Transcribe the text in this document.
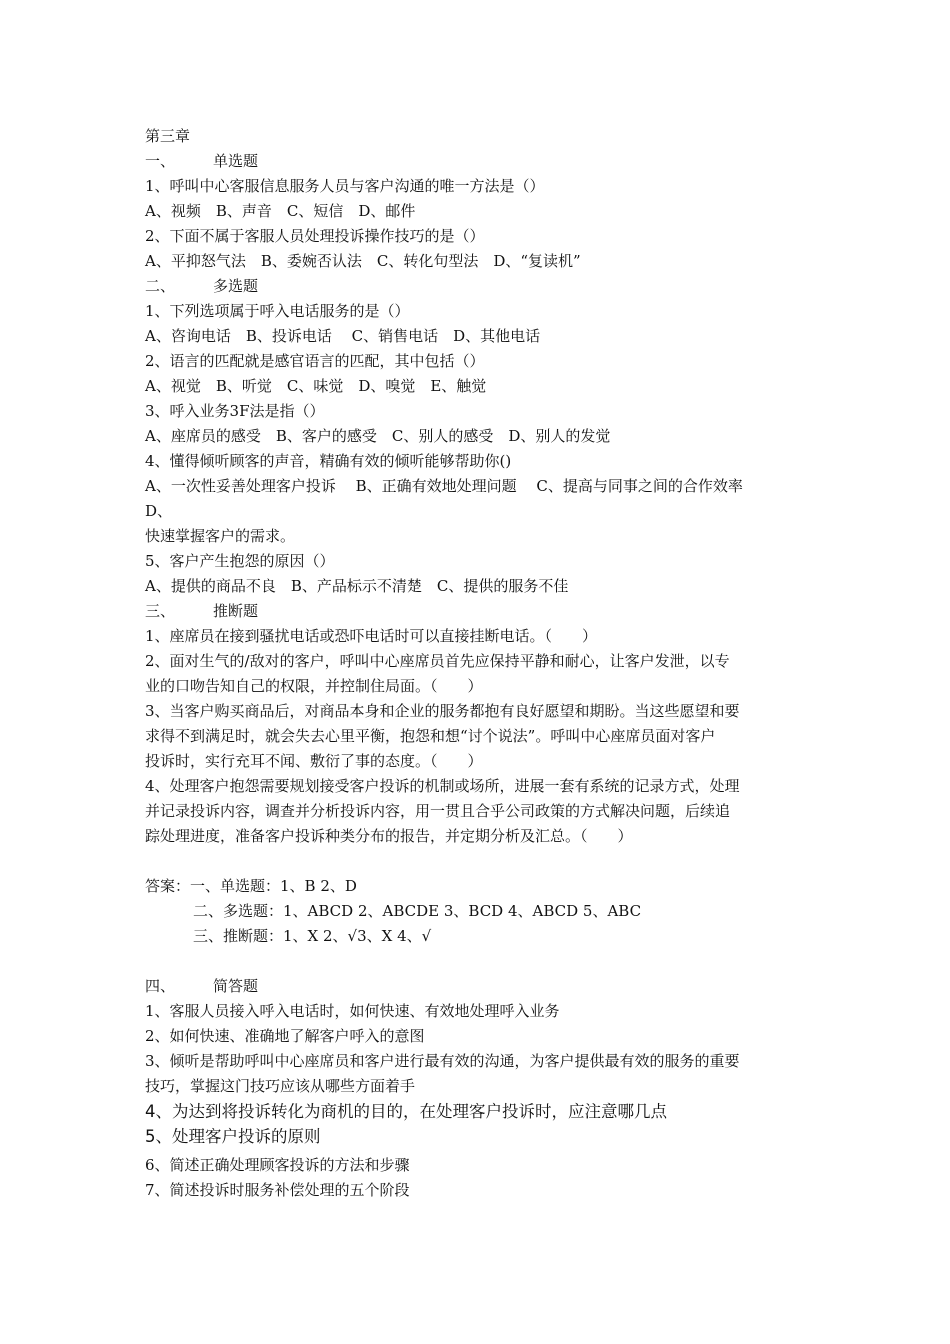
第三章

一、	单选题

1、呼叫中心客服信息服务人员与客户沟通的唯一方法是（）

A、视频　B、声音　C、短信　D、邮件

2、下面不属于客服人员处理投诉操作技巧的是（）

A、平抑怒气法　B、委婉否认法　C、转化句型法　D、“复读机”

二、	多选题

1、下列选项属于呼入电话服务的是（）

A、咨询电话　B、投诉电话　 C、销售电话　D、其他电话

2、语言的匹配就是感官语言的匹配，其中包括（）

A、视觉　B、听觉　C、味觉　D、嗅觉　E、触觉

3、呼入业务3F法是指（）

A、座席员的感受　B、客户的感受　C、别人的感受　D、别人的发觉

4、懂得倾听顾客的声音，精确有效的倾听能够帮助你()

A、一次性妥善处理客户投诉　 B、正确有效地处理问题　 C、提高与同事之间的合作效率

D、

快速掌握客户的需求。

5、客户产生抱怨的原因（）

A、提供的商品不良　B、产品标示不清楚　C、提供的服务不佳

三、	推断题

1、座席员在接到骚扰电话或恐吓电话时可以直接挂断电话。（　　）

2、面对生气的/敌对的客户，呼叫中心座席员首先应保持平静和耐心，让客户发泄，以专

业的口吻告知自己的权限，并控制住局面。（　　）

3、当客户购买商品后，对商品本身和企业的服务都抱有良好愿望和期盼。当这些愿望和要

求得不到满足时，就会失去心里平衡，抱怨和想“讨个说法”。呼叫中心座席员面对客户

投诉时，实行充耳不闻、敷衍了事的态度。（　　）

4、处理客户抱怨需要规划接受客户投诉的机制或场所，进展一套有系统的记录方式，处理

并记录投诉内容，调查并分析投诉内容，用一贯且合乎公司政策的方式解决问题，后续追

踪处理进度，准备客户投诉种类分布的报告，并定期分析及汇总。（　　）

答案：一、单选题：1、B 2、D

二、多选题：1、ABCD 2、ABCDE 3、BCD 4、ABCD 5、ABC

三、推断题：1、X 2、√3、X 4、√

四、	简答题

1、客服人员接入呼入电话时，如何快速、有效地处理呼入业务

2、如何快速、准确地了解客户呼入的意图

3、倾听是帮助呼叫中心座席员和客户进行最有效的沟通，为客户提供最有效的服务的重要

技巧，掌握这门技巧应该从哪些方面着手

4、为达到将投诉转化为商机的目的，在处理客户投诉时，应注意哪几点

5、处理客户投诉的原则

6、简述正确处理顾客投诉的方法和步骤

7、简述投诉时服务补偿处理的五个阶段
